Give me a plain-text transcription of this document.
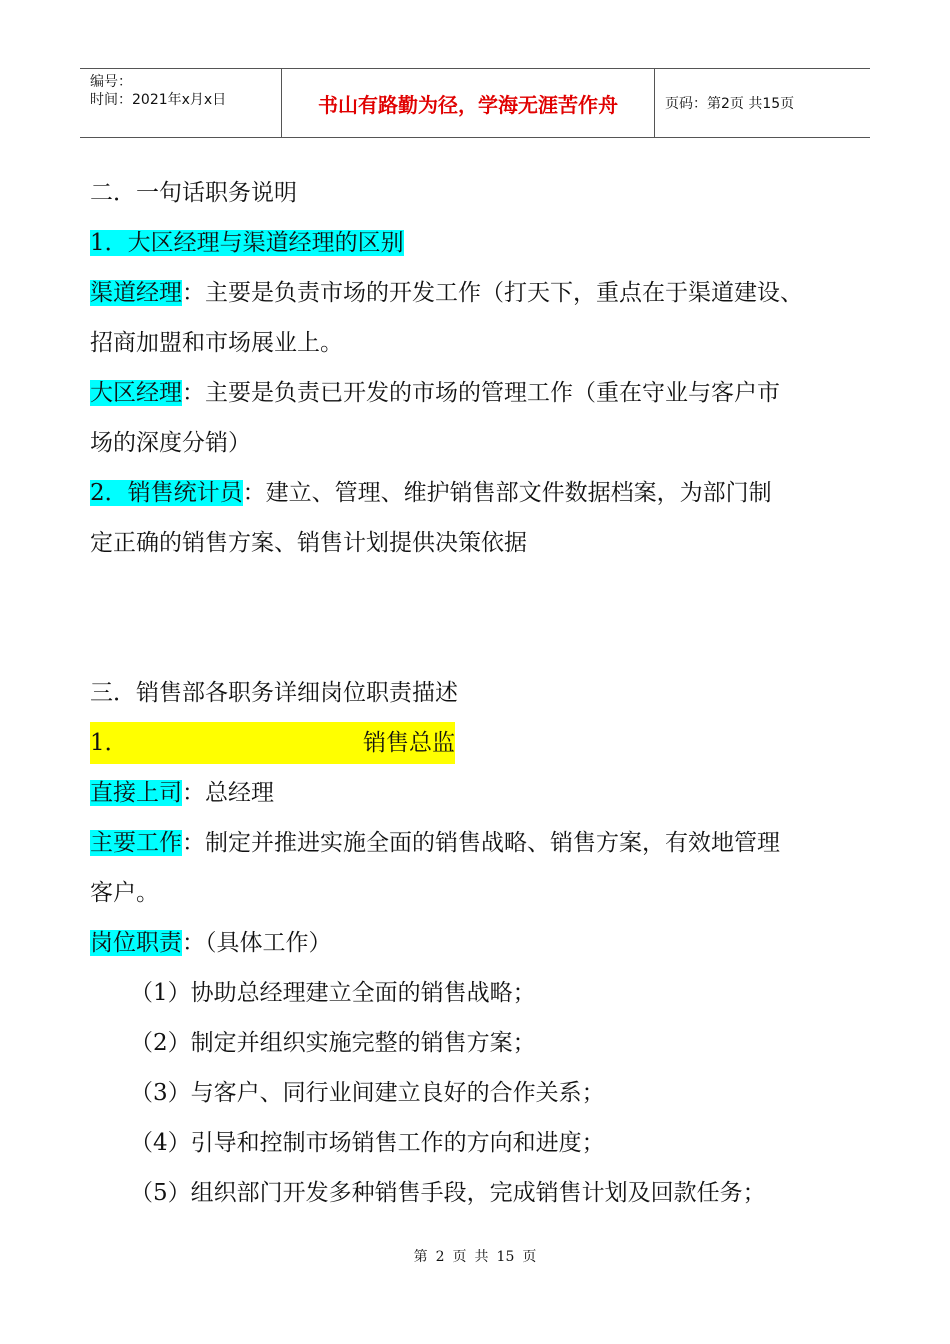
编号：
时间：2021年x月x日	书山有路勤为径，学海无涯苦作舟	页码：第2页 共15页
二．一句话职务说明
1．大区经理与渠道经理的区别
渠道经理：主要是负责市场的开发工作（打天下，重点在于渠道建设、
招商加盟和市场展业上。
大区经理：主要是负责已开发的市场的管理工作（重在守业与客户市
场的深度分销）
2．销售统计员：建立、管理、维护销售部文件数据档案，为部门制
定正确的销售方案、销售计划提供决策依据
三．销售部各职务详细岗位职责描述
1．	销售总监
直接上司：总经理
主要工作：制定并推进实施全面的销售战略、销售方案，有效地管理
客户。
岗位职责：（具体工作）
（1）协助总经理建立全面的销售战略；
（2）制定并组织实施完整的销售方案；
（3）与客户、同行业间建立良好的合作关系；
（4）引导和控制市场销售工作的方向和进度；
（5）组织部门开发多种销售手段，完成销售计划及回款任务；
第 2 页 共 15 页
